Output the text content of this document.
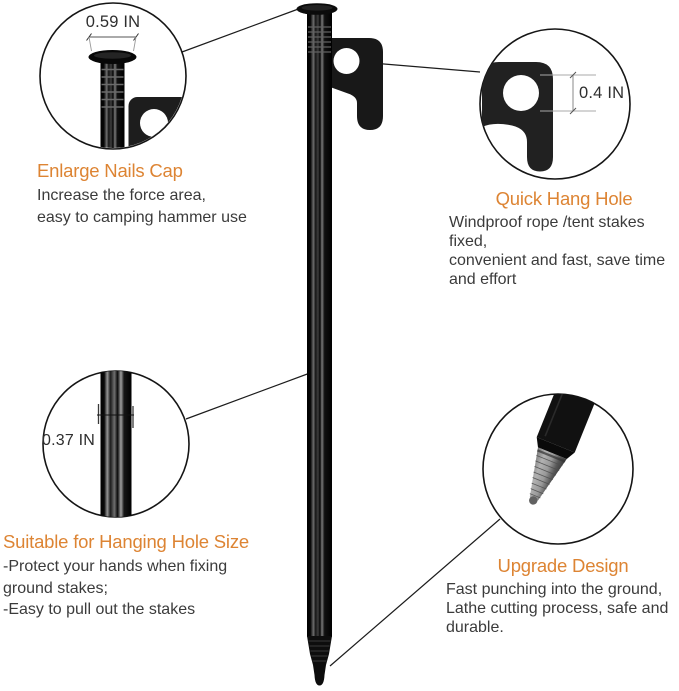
0.59 IN
0.4 IN
0.37 IN
Enlarge Nails Cap
Increase the force area,
easy to camping hammer use
Quick Hang Hole
Windproof rope /tent stakes
fixed,
convenient and fast, save time
and effort
Suitable for Hanging Hole Size
-Protect your hands when fixing
ground stakes;
-Easy to pull out the stakes
Upgrade Design
Fast punching into the ground,
Lathe cutting process, safe and
durable.
